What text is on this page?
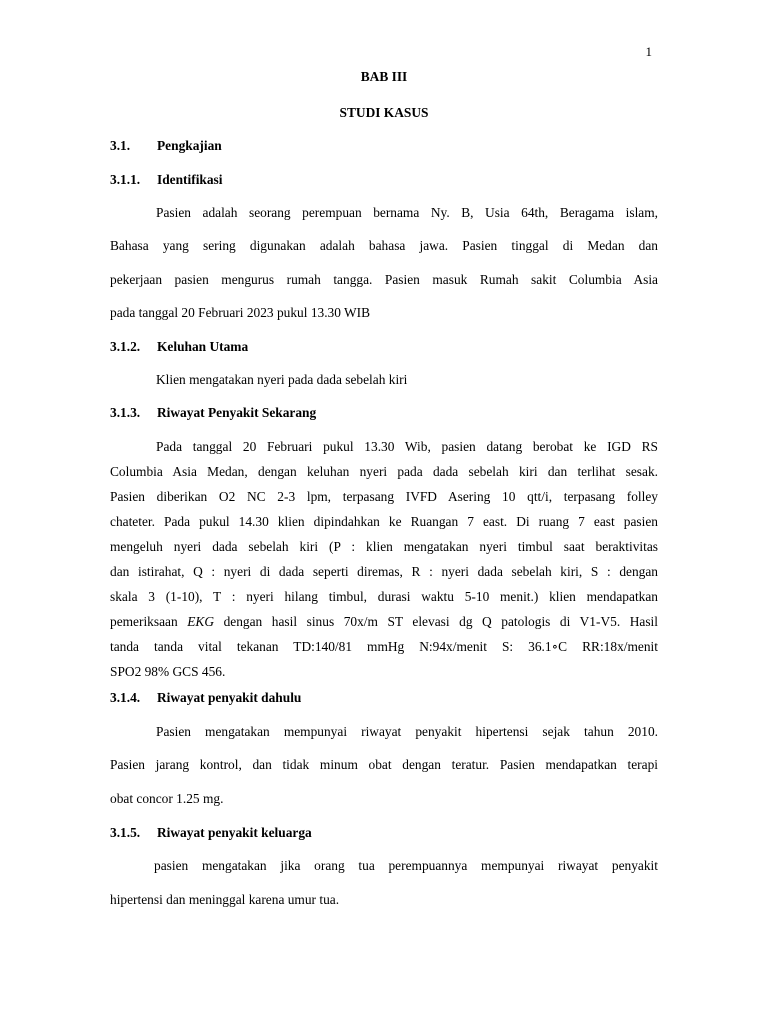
1
BAB III
STUDI KASUS
3.1. Pengkajian
3.1.1. Identifikasi
Pasien adalah seorang perempuan bernama Ny. B, Usia 64th, Beragama islam,
Bahasa yang sering digunakan adalah bahasa jawa. Pasien tinggal di Medan dan
pekerjaan pasien mengurus rumah tangga. Pasien masuk Rumah sakit Columbia Asia
pada tanggal 20 Februari 2023 pukul 13.30 WIB
3.1.2. Keluhan Utama
Klien mengatakan nyeri pada dada sebelah kiri
3.1.3. Riwayat Penyakit Sekarang
Pada tanggal 20 Februari pukul 13.30 Wib, pasien datang berobat ke IGD RS
Columbia Asia Medan, dengan keluhan nyeri pada dada sebelah kiri dan terlihat sesak.
Pasien diberikan O2 NC 2-3 lpm, terpasang IVFD Asering 10 qtt/i, terpasang folley
chateter. Pada pukul 14.30 klien dipindahkan ke Ruangan 7 east. Di ruang 7 east pasien
mengeluh nyeri dada sebelah kiri (P : klien mengatakan nyeri timbul saat beraktivitas
dan istirahat, Q : nyeri di dada seperti diremas, R : nyeri dada sebelah kiri, S : dengan
skala 3 (1-10), T : nyeri hilang timbul, durasi waktu 5-10 menit.) klien mendapatkan
pemeriksaan EKG dengan hasil sinus 70x/m ST elevasi dg Q patologis di V1-V5. Hasil
tanda tanda vital tekanan TD:140/81 mmHg N:94x/menit S: 36.1∘C RR:18x/menit
SPO2 98% GCS 456.
3.1.4. Riwayat penyakit dahulu
Pasien mengatakan mempunyai riwayat penyakit hipertensi sejak tahun 2010.
Pasien jarang kontrol, dan tidak minum obat dengan teratur. Pasien mendapatkan terapi
obat concor 1.25 mg.
3.1.5. Riwayat penyakit keluarga
pasien mengatakan jika orang tua perempuannya mempunyai riwayat penyakit
hipertensi dan meninggal karena umur tua.
